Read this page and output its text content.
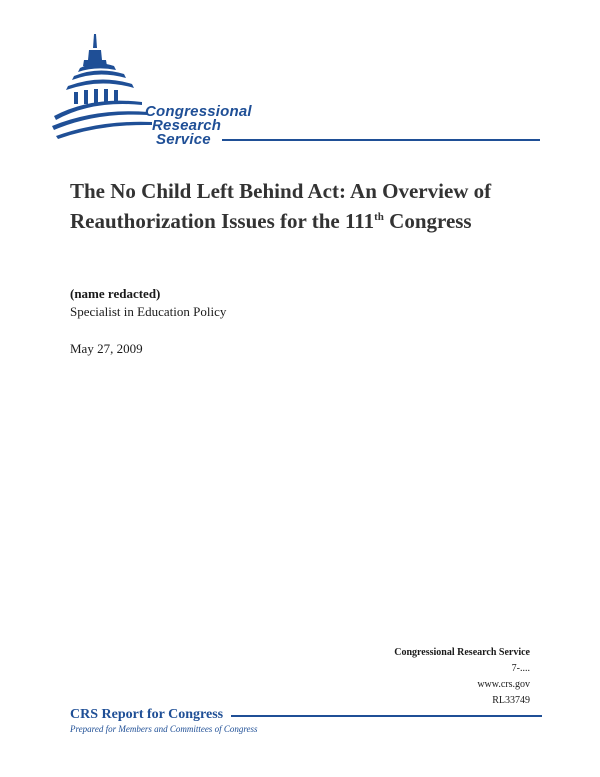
Congressional
Research
Service
The No Child Left Behind Act: An Overview of Reauthorization Issues for the 111th Congress
(name redacted)
Specialist in Education Policy
May 27, 2009
Congressional Research Service
7-....
www.crs.gov
RL33749
CRS Report for Congress
Prepared for Members and Committees of Congress
